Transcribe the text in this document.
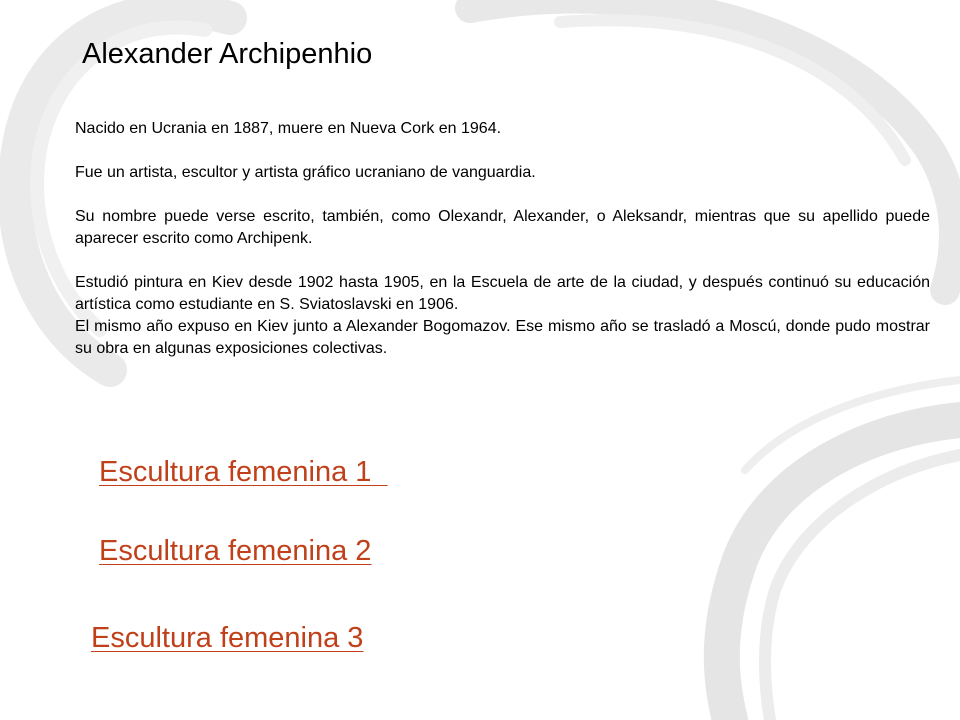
Alexander Archipenhio

Nacido en Ucrania en 1887, muere en Nueva Cork en 1964.

Fue un artista, escultor y artista gráfico ucraniano de vanguardia.

Su nombre puede verse escrito, también, como Olexandr, Alexander, o Aleksandr, mientras que su apellido puede aparecer escrito como Archipenk.

Estudió pintura en Kiev desde 1902 hasta 1905, en la Escuela de arte de la ciudad, y después continuó su educación artística como estudiante en S. Sviatoslavski en 1906.

El mismo año expuso en Kiev junto a Alexander Bogomazov. Ese mismo año se trasladó a Moscú, donde pudo mostrar su obra en algunas exposiciones colectivas.

Escultura femenina 1
Escultura femenina 2
Escultura femenina 3
